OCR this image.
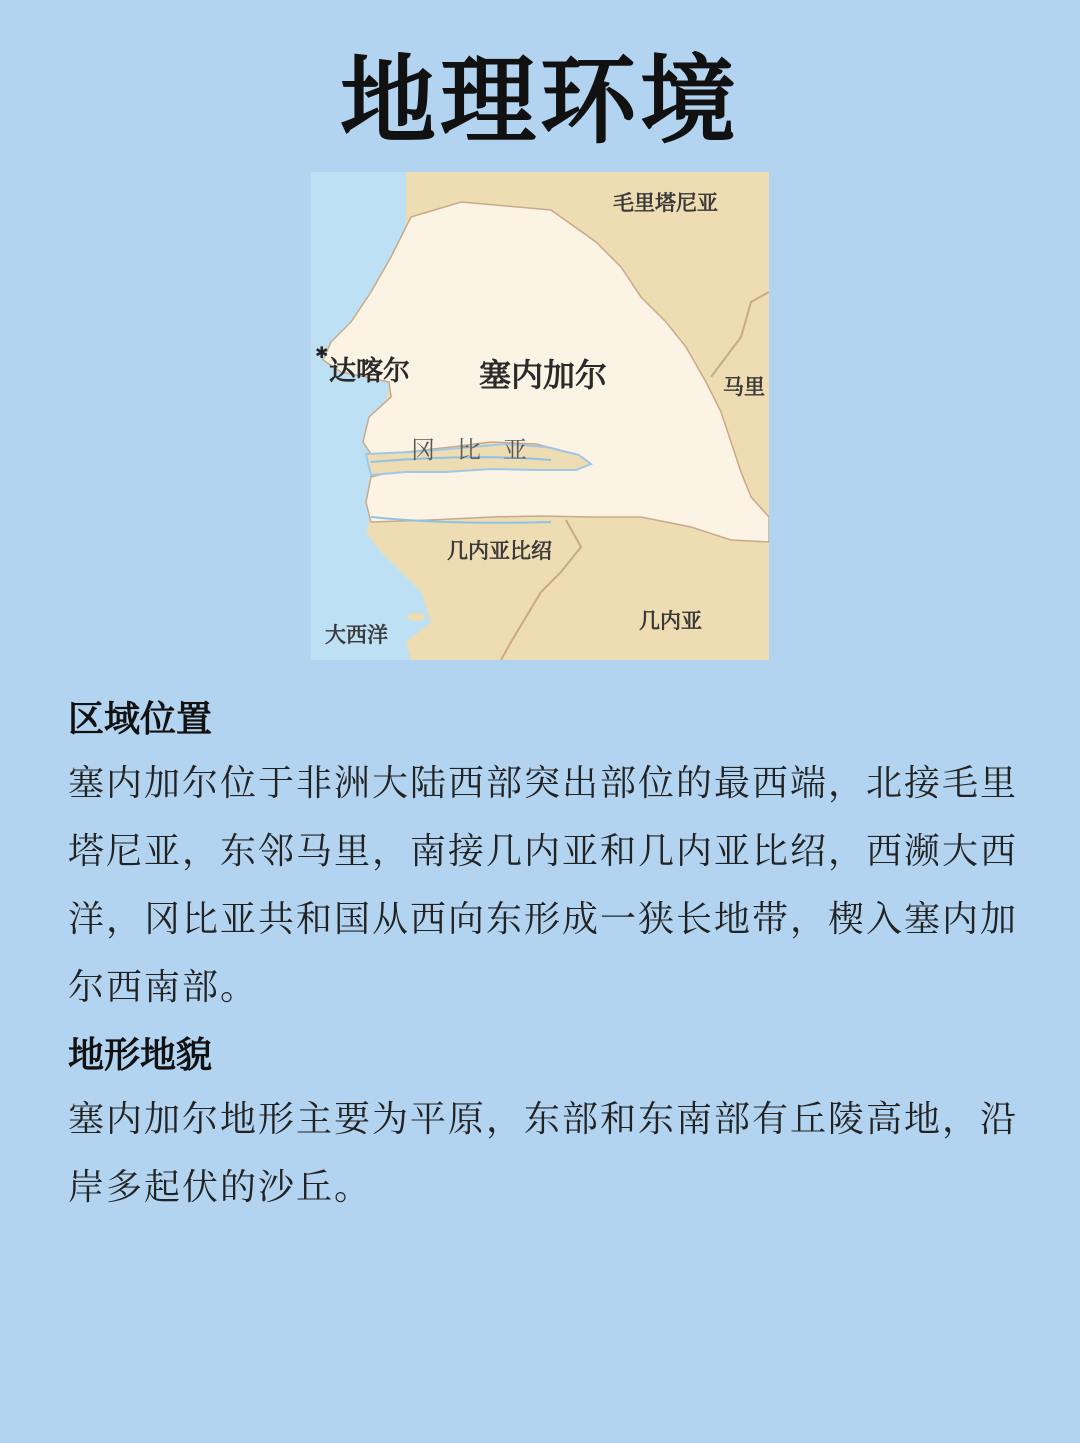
地理环境
✱
毛里塔尼亚
达喀尔 塞内加尔	马里
冈比亚
几内亚比绍
几内亚
大西洋

区域位置

塞内加尔位于非洲大陆西部突出部位的最西端，北接毛里塔尼亚，东邻马里，南接几内亚和几内亚比绍，西濒大西洋，冈比亚共和国从西向东形成一狭长地带，楔入塞内加尔西南部。

地形地貌

塞内加尔地形主要为平原，东部和东南部有丘陵高地，沿岸多起伏的沙丘。
